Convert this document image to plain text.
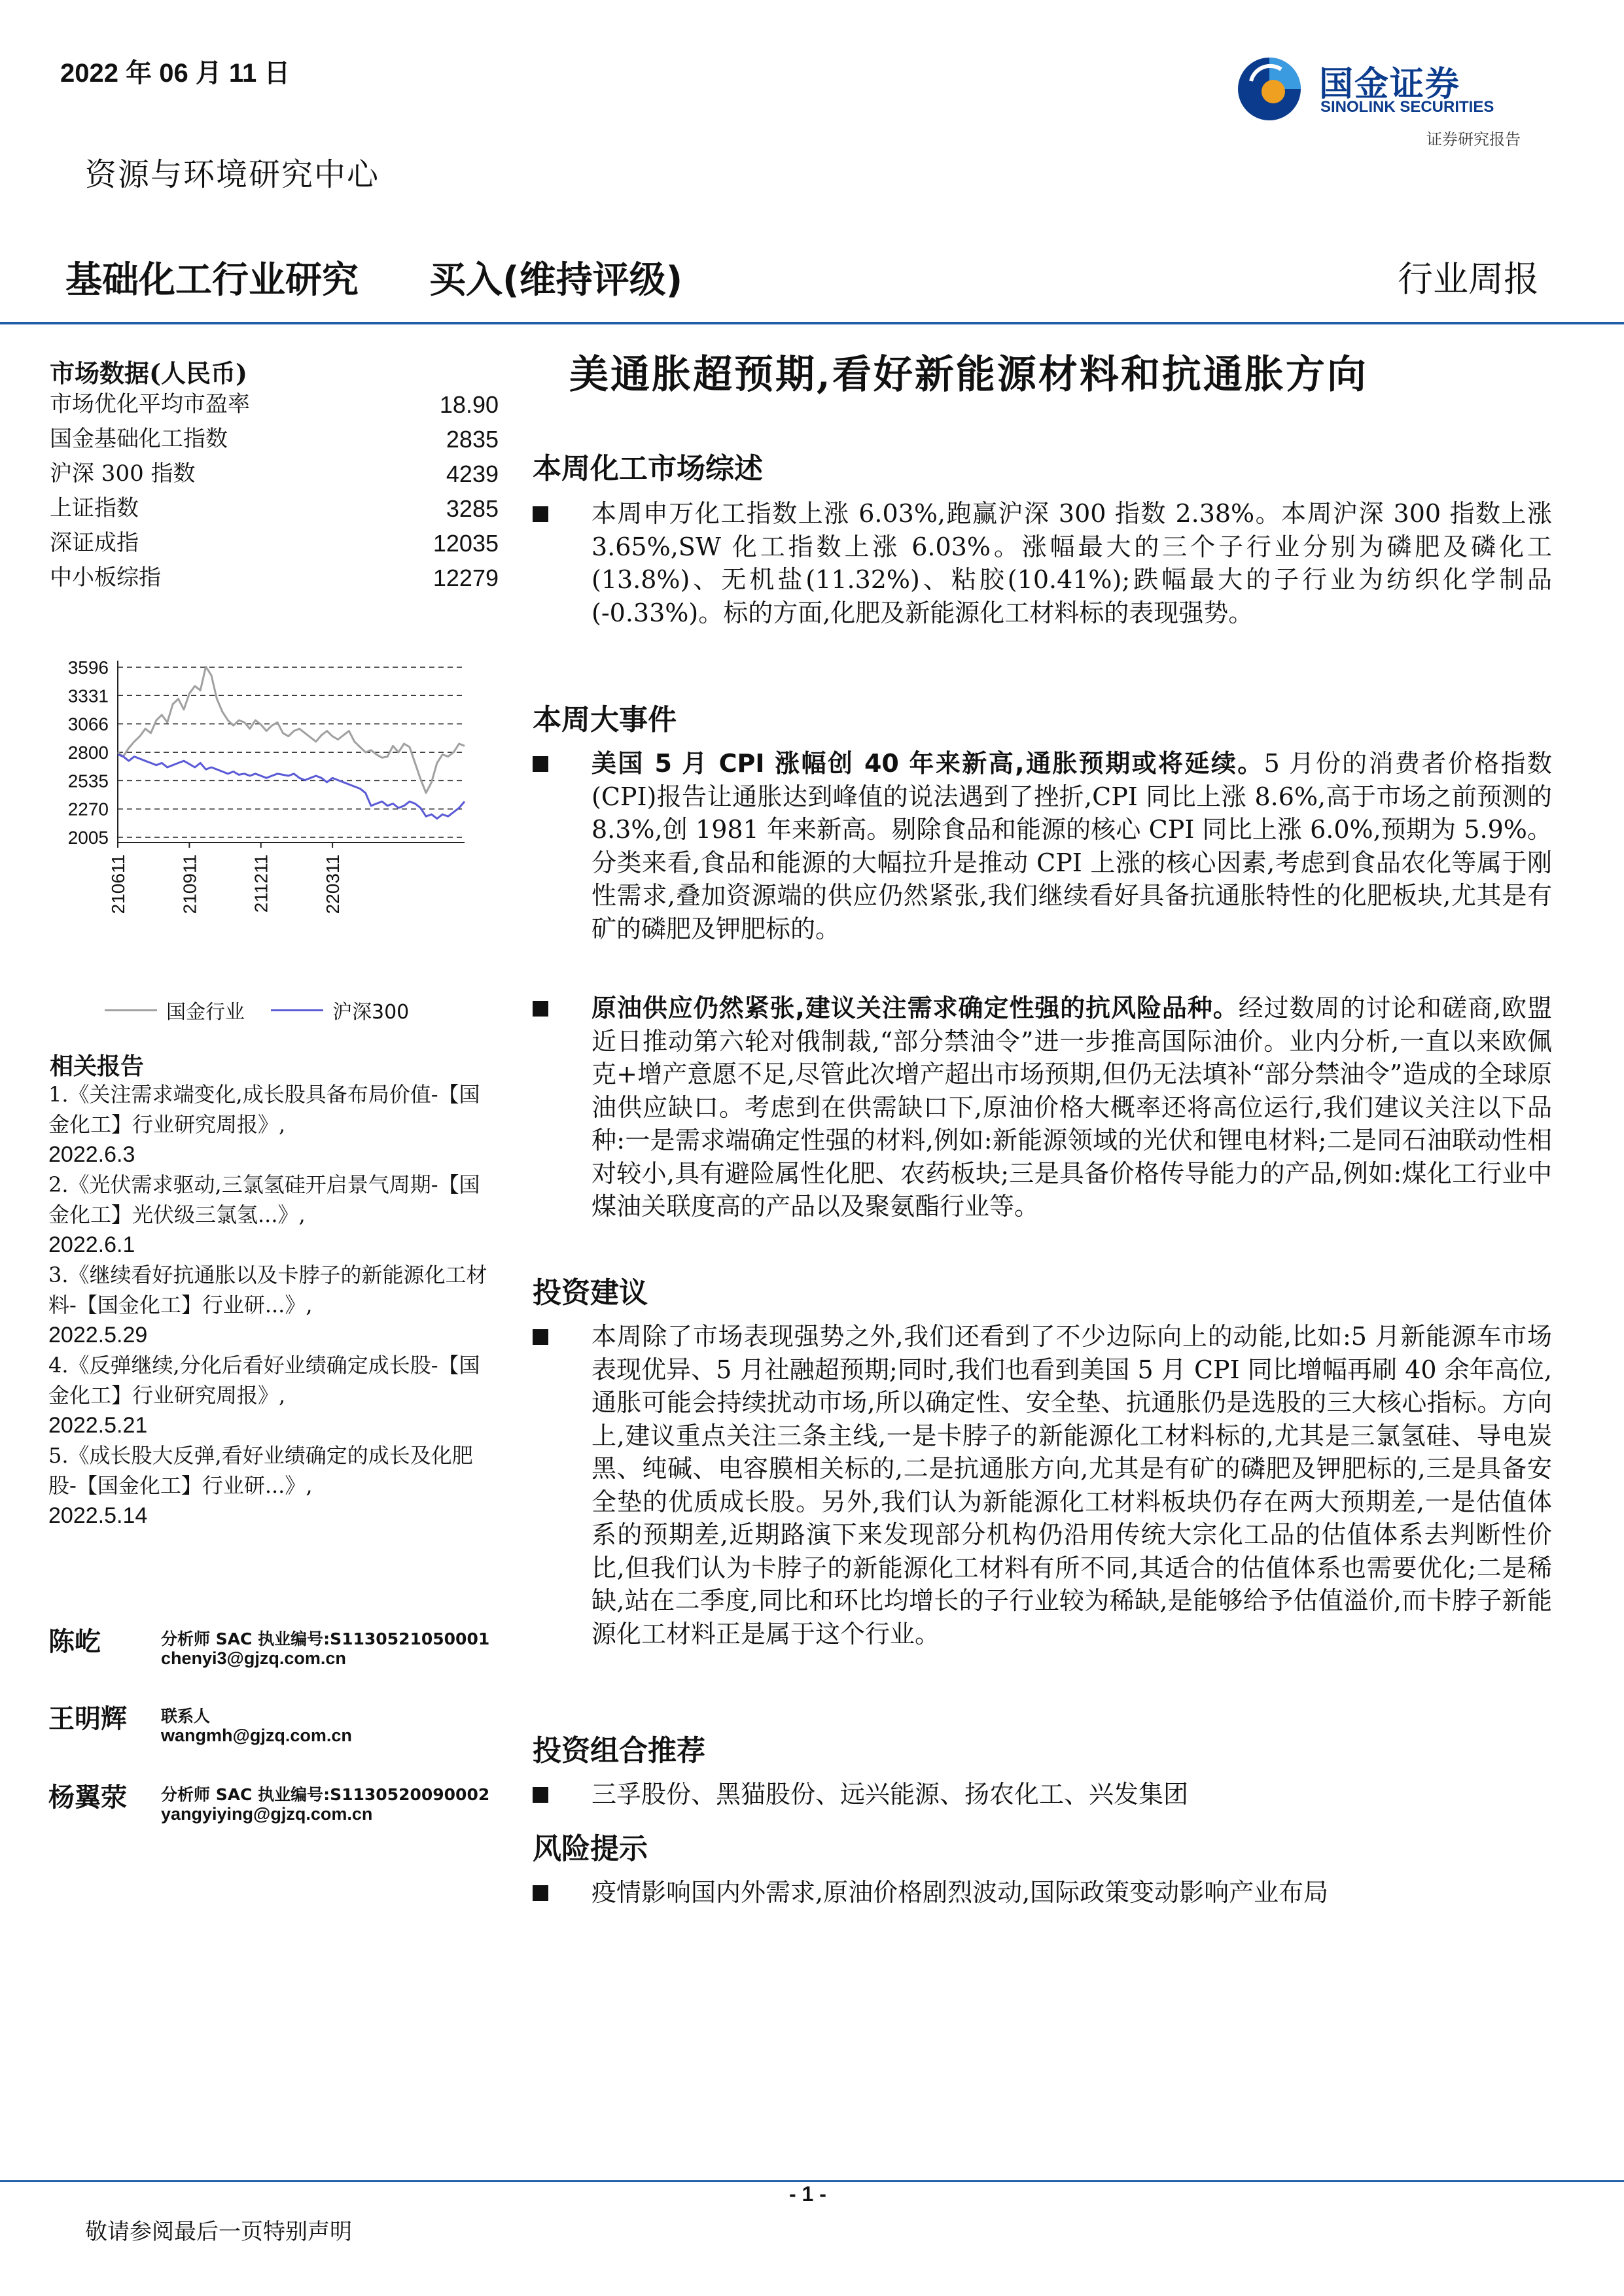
2022 年 06 月 11 日	国金证券
SINOLINK SECURITIES
证券研究报告
资源与环境研究中心
基础化工行业研究 买入(维持评级)	行业周报
市场数据(人民币)
市场优化平均市盈率	18.90
国金基础化工指数	2835
沪深 300 指数	4239
上证指数	3285
深证成指	12035
中小板综指	12279
3596
3331
3066
2800
2535
2270
2005
210611	210911	211211	220311
国金行业	沪深300
相关报告
1.《关注需求端变化,成长股具备布局价值-【国金化工】行业研究周报》,
2022.6.3
2.《光伏需求驱动,三氯氢硅开启景气周期-【国金化工】光伏级三氯氢...》,
2022.6.1
3.《继续看好抗通胀以及卡脖子的新能源化工材料-【国金化工】行业研...》,
2022.5.29
4.《反弹继续,分化后看好业绩确定成长股-【国金化工】行业研究周报》,
2022.5.21
5.《成长股大反弹,看好业绩确定的成长及化肥股-【国金化工】行业研...》,
2022.5.14
陈屹	分析师 SAC 执业编号:S1130521050001
chenyi3@gjzq.com.cn
王明辉 联系人
wangmh@gjzq.com.cn
杨翼荥 分析师 SAC 执业编号:S1130520090002
yangyiying@gjzq.com.cn
美通胀超预期,看好新能源材料和抗通胀方向
本周化工市场综述
本周申万化工指数上涨 6.03%,跑赢沪深 300 指数 2.38%。本周沪深 300 指数上涨 3.65%,SW 化工指数上涨 6.03%。涨幅最大的三个子行业分别为磷肥及磷化工(13.8%)、无机盐(11.32%)、粘胶(10.41%);跌幅最大的子行业为纺织化学制品(-0.33%)。标的方面,化肥及新能源化工材料标的表现强势。
本周大事件
美国 5 月 CPI 涨幅创 40 年来新高,通胀预期或将延续。5 月份的消费者价格指数(CPI)报告让通胀达到峰值的说法遇到了挫折,CPI 同比上涨 8.6%,高于市场之前预测的 8.3%,创 1981 年来新高。剔除食品和能源的核心 CPI 同比上涨 6.0%,预期为 5.9%。分类来看,食品和能源的大幅拉升是推动 CPI 上涨的核心因素,考虑到食品农化等属于刚性需求,叠加资源端的供应仍然紧张,我们继续看好具备抗通胀特性的化肥板块,尤其是有矿的磷肥及钾肥标的。
原油供应仍然紧张,建议关注需求确定性强的抗风险品种。经过数周的讨论和磋商,欧盟近日推动第六轮对俄制裁,“部分禁油令”进一步推高国际油价。业内分析,一直以来欧佩克+增产意愿不足,尽管此次增产超出市场预期,但仍无法填补“部分禁油令”造成的全球原油供应缺口。考虑到在供需缺口下,原油价格大概率还将高位运行,我们建议关注以下品种:一是需求端确定性强的材料,例如:新能源领域的光伏和锂电材料;二是同石油联动性相对较小,具有避险属性化肥、农药板块;三是具备价格传导能力的产品,例如:煤化工行业中煤油关联度高的产品以及聚氨酯行业等。
投资建议
本周除了市场表现强势之外,我们还看到了不少边际向上的动能,比如:5 月新能源车市场表现优异、5 月社融超预期;同时,我们也看到美国 5 月 CPI 同比增幅再刷 40 余年高位,通胀可能会持续扰动市场,所以确定性、安全垫、抗通胀仍是选股的三大核心指标。方向上,建议重点关注三条主线,一是卡脖子的新能源化工材料标的,尤其是三氯氢硅、导电炭黑、纯碱、电容膜相关标的,二是抗通胀方向,尤其是有矿的磷肥及钾肥标的,三是具备安全垫的优质成长股。另外,我们认为新能源化工材料板块仍存在两大预期差,一是估值体系的预期差,近期路演下来发现部分机构仍沿用传统大宗化工品的估值体系去判断性价比,但我们认为卡脖子的新能源化工材料有所不同,其适合的估值体系也需要优化;二是稀缺,站在二季度,同比和环比均增长的子行业较为稀缺,是能够给予估值溢价,而卡脖子新能源化工材料正是属于这个行业。
投资组合推荐
三孚股份、黑猫股份、远兴能源、扬农化工、兴发集团
风险提示
疫情影响国内外需求,原油价格剧烈波动,国际政策变动影响产业布局
- 1 -
敬请参阅最后一页特别声明
